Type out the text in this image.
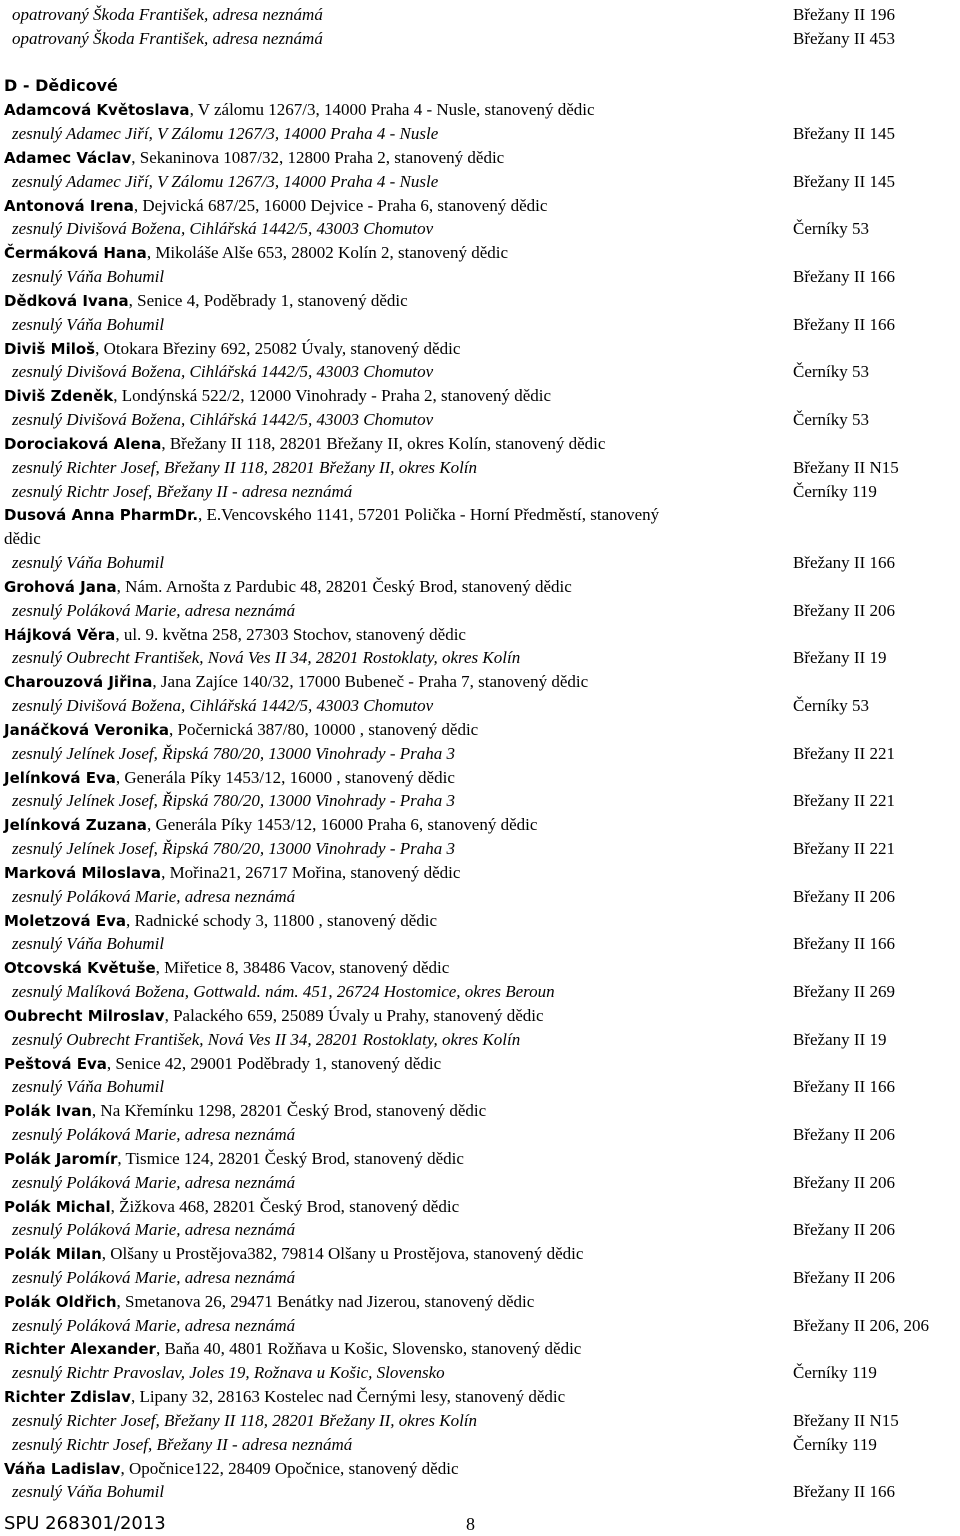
opatrovaný Škoda František, adresa neznámá	Břežany II 196
opatrovaný Škoda František, adresa neznámá	Břežany II 453
D - Dědicové
Adamcová Květoslava, V zálomu 1267/3, 14000 Praha 4 - Nusle, stanovený dědic
zesnulý Adamec Jiří, V Zálomu 1267/3, 14000 Praha 4 - Nusle	Břežany II 145
Adamec Václav, Sekaninova 1087/32, 12800 Praha 2, stanovený dědic
zesnulý Adamec Jiří, V Zálomu 1267/3, 14000 Praha 4 - Nusle	Břežany II 145
Antonová Irena, Dejvická 687/25, 16000 Dejvice - Praha 6, stanovený dědic
zesnulý Divišová Božena, Cihlářská 1442/5, 43003 Chomutov	Černíky 53
Čermáková Hana, Mikoláše Alše 653, 28002 Kolín 2, stanovený dědic
zesnulý Váňa Bohumil	Břežany II 166
Dědková Ivana, Senice 4, Poděbrady 1, stanovený dědic
zesnulý Váňa Bohumil	Břežany II 166
Diviš Miloš, Otokara Březiny 692, 25082 Úvaly, stanovený dědic
zesnulý Divišová Božena, Cihlářská 1442/5, 43003 Chomutov	Černíky 53
Diviš Zdeněk, Londýnská 522/2, 12000 Vinohrady - Praha 2, stanovený dědic
zesnulý Divišová Božena, Cihlářská 1442/5, 43003 Chomutov	Černíky 53
Dorociaková Alena, Břežany II 118, 28201 Břežany II, okres Kolín, stanovený dědic
zesnulý Richter Josef, Břežany II 118, 28201 Břežany II, okres Kolín	Břežany II N15
zesnulý Richtr Josef, Břežany II - adresa neznámá	Černíky 119
Dusová Anna PharmDr., E.Vencovského 1141, 57201 Polička - Horní Předměstí, stanovený
dědic
zesnulý Váňa Bohumil	Břežany II 166
Grohová Jana, Nám. Arnošta z Pardubic 48, 28201 Český Brod, stanovený dědic
zesnulý Poláková Marie, adresa neznámá	Břežany II 206
Hájková Věra, ul. 9. května 258, 27303 Stochov, stanovený dědic
zesnulý Oubrecht František, Nová Ves II 34, 28201 Rostoklaty, okres Kolín	Břežany II 19
Charouzová Jiřina, Jana Zajíce 140/32, 17000 Bubeneč - Praha 7, stanovený dědic
zesnulý Divišová Božena, Cihlářská 1442/5, 43003 Chomutov	Černíky 53
Janáčková Veronika, Počernická 387/80, 10000 , stanovený dědic
zesnulý Jelínek Josef, Řipská 780/20, 13000 Vinohrady - Praha 3	Břežany II 221
Jelínková Eva, Generála Píky 1453/12, 16000 , stanovený dědic
zesnulý Jelínek Josef, Řipská 780/20, 13000 Vinohrady - Praha 3	Břežany II 221
Jelínková Zuzana, Generála Píky 1453/12, 16000 Praha 6, stanovený dědic
zesnulý Jelínek Josef, Řipská 780/20, 13000 Vinohrady - Praha 3	Břežany II 221
Marková Miloslava, Mořina21, 26717 Mořina, stanovený dědic
zesnulý Poláková Marie, adresa neznámá	Břežany II 206
Moletzová Eva, Radnické schody 3, 11800 , stanovený dědic
zesnulý Váňa Bohumil	Břežany II 166
Otcovská Květuše, Miřetice 8, 38486 Vacov, stanovený dědic
zesnulý Malíková Božena, Gottwald. nám. 451, 26724 Hostomice, okres Beroun	Břežany II 269
Oubrecht Milroslav, Palackého 659, 25089 Úvaly u Prahy, stanovený dědic
zesnulý Oubrecht František, Nová Ves II 34, 28201 Rostoklaty, okres Kolín	Břežany II 19
Peštová Eva, Senice 42, 29001 Poděbrady 1, stanovený dědic
zesnulý Váňa Bohumil	Břežany II 166
Polák Ivan, Na Křemínku 1298, 28201 Český Brod, stanovený dědic
zesnulý Poláková Marie, adresa neznámá	Břežany II 206
Polák Jaromír, Tismice 124, 28201 Český Brod, stanovený dědic
zesnulý Poláková Marie, adresa neznámá	Břežany II 206
Polák Michal, Žižkova 468, 28201 Český Brod, stanovený dědic
zesnulý Poláková Marie, adresa neznámá	Břežany II 206
Polák Milan, Olšany u Prostějova382, 79814 Olšany u Prostějova, stanovený dědic
zesnulý Poláková Marie, adresa neznámá	Břežany II 206
Polák Oldřich, Smetanova 26, 29471 Benátky nad Jizerou, stanovený dědic
zesnulý Poláková Marie, adresa neznámá	Břežany II 206, 206
Richter Alexander, Baňa 40, 4801 Rožňava u Košic, Slovensko, stanovený dědic
zesnulý Richtr Pravoslav, Joles 19, Rožnava u Košic, Slovensko	Černíky 119
Richter Zdislav, Lipany 32, 28163 Kostelec nad Černými lesy, stanovený dědic
zesnulý Richter Josef, Břežany II 118, 28201 Břežany II, okres Kolín	Břežany II N15
zesnulý Richtr Josef, Břežany II - adresa neznámá	Černíky 119
Váňa Ladislav, Opočnice122, 28409 Opočnice, stanovený dědic
zesnulý Váňa Bohumil	Břežany II 166
SPU 268301/2013	8
